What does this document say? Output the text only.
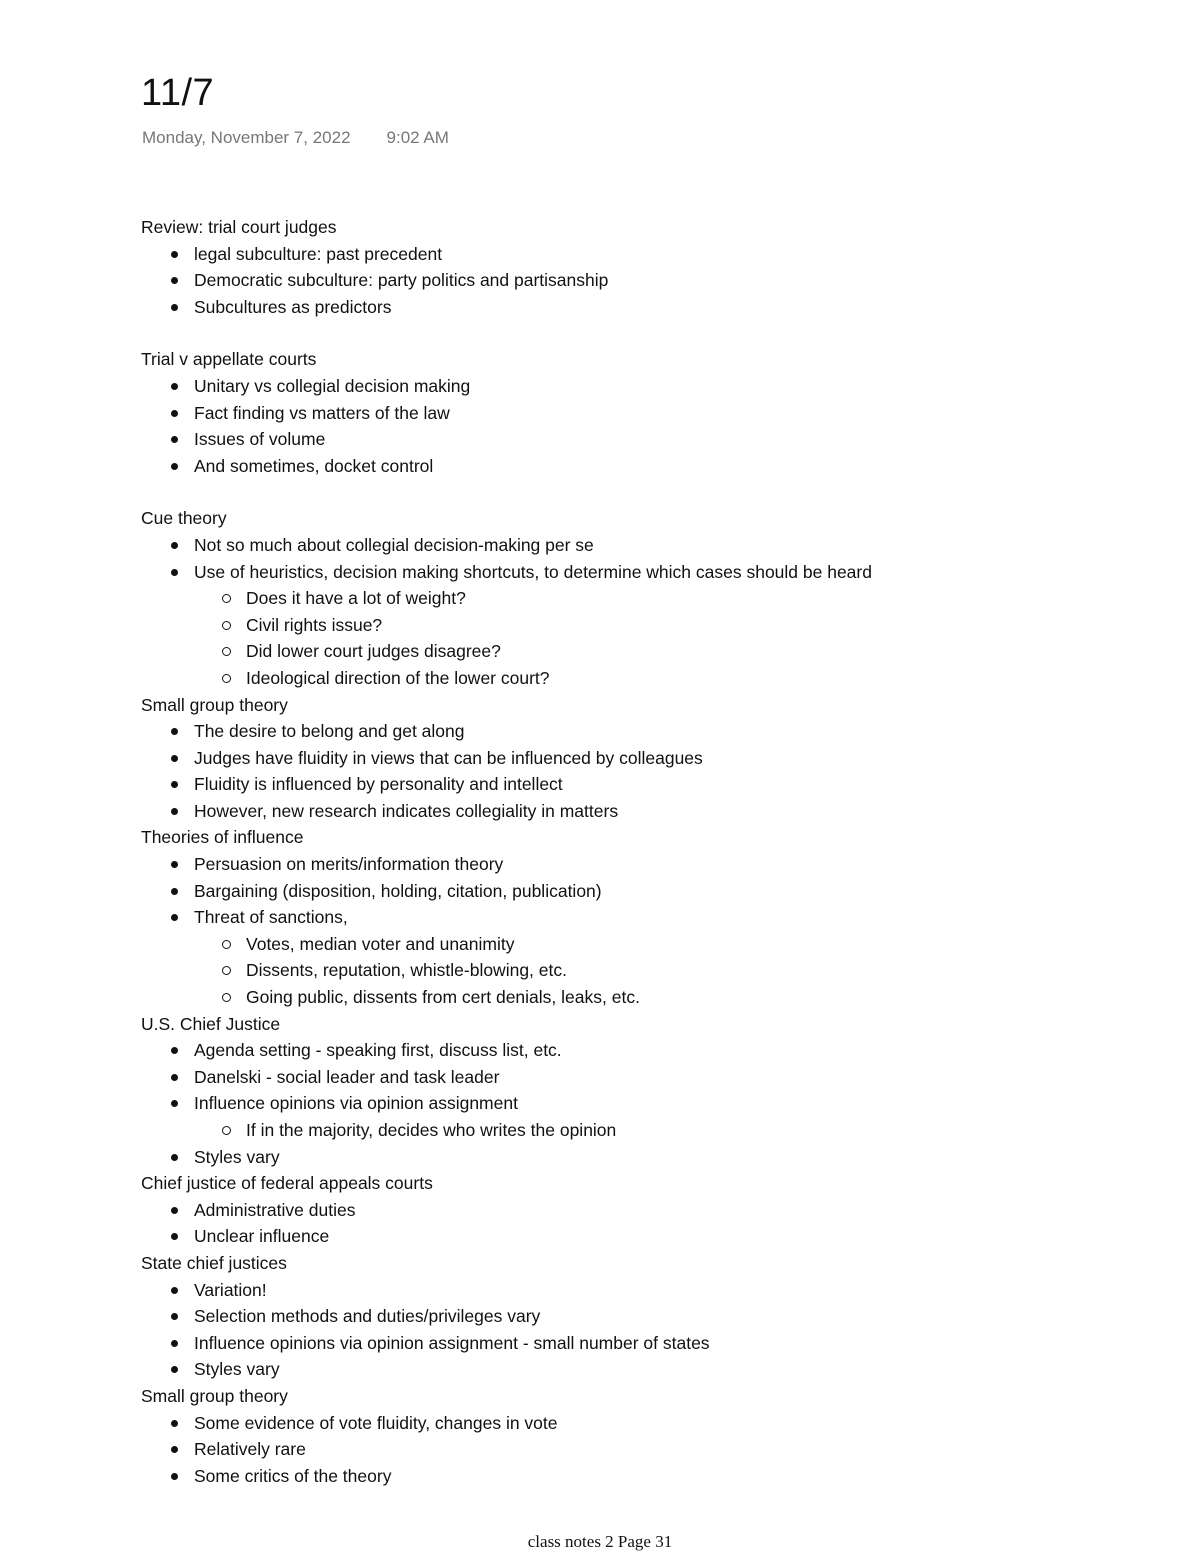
11/7
Monday, November 7, 2022 9:02 AM
Review: trial court judges
legal subculture: past precedent
Democratic subculture: party politics and partisanship
Subcultures as predictors
Trial v appellate courts
Unitary vs collegial decision making
Fact finding vs matters of the law
Issues of volume
And sometimes, docket control
Cue theory
Not so much about collegial decision-making per se
Use of heuristics, decision making shortcuts, to determine which cases should be heard
Does it have a lot of weight?
Civil rights issue?
Did lower court judges disagree?
Ideological direction of the lower court?
Small group theory
The desire to belong and get along
Judges have fluidity in views that can be influenced by colleagues
Fluidity is influenced by personality and intellect
However, new research indicates collegiality in matters
Theories of influence
Persuasion on merits/information theory
Bargaining (disposition, holding, citation, publication)
Threat of sanctions,
Votes, median voter and unanimity
Dissents, reputation, whistle-blowing, etc.
Going public, dissents from cert denials, leaks, etc.
U.S. Chief Justice
Agenda setting - speaking first, discuss list, etc.
Danelski - social leader and task leader
Influence opinions via opinion assignment
If in the majority, decides who writes the opinion
Styles vary
Chief justice of federal appeals courts
Administrative duties
Unclear influence
State chief justices
Variation!
Selection methods and duties/privileges vary
Influence opinions via opinion assignment - small number of states
Styles vary
Small group theory
Some evidence of vote fluidity, changes in vote
Relatively rare
Some critics of the theory
class notes 2 Page 31
